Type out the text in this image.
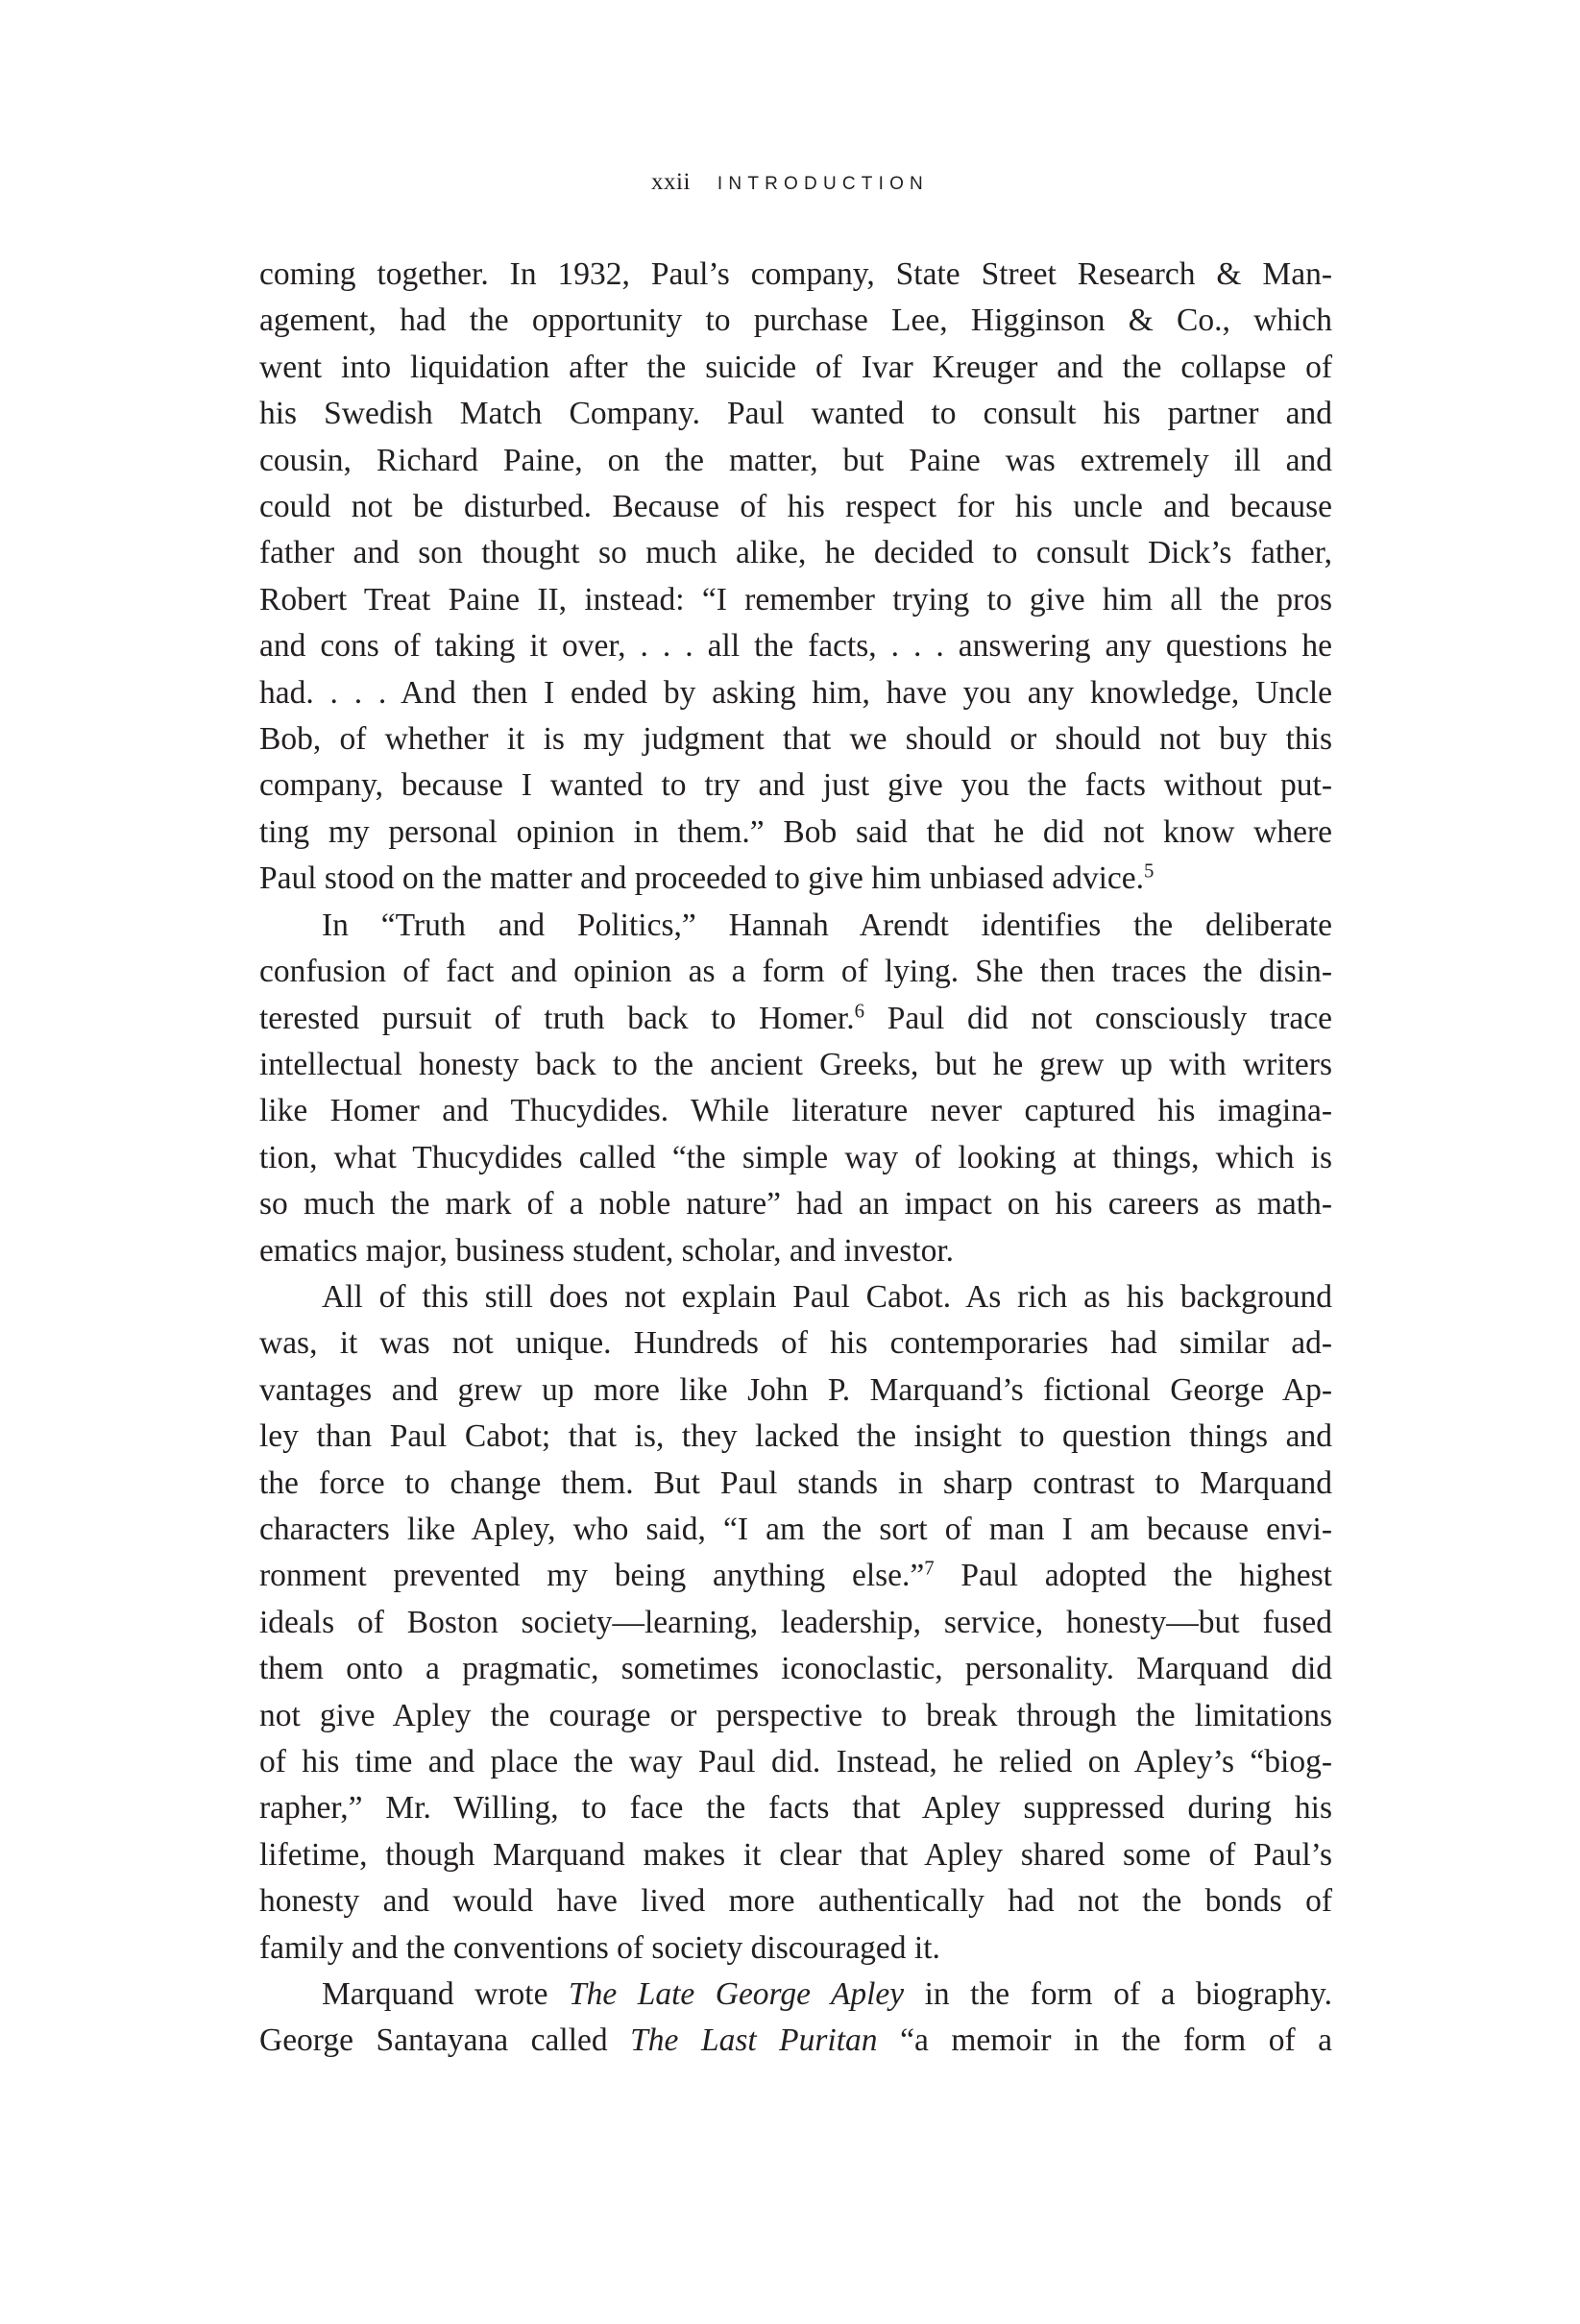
xxii INTRODUCTION

coming together. In 1932, Paul’s company, State Street Research & Man-
agement, had the opportunity to purchase Lee, Higginson & Co., which
went into liquidation after the suicide of Ivar Kreuger and the collapse of
his Swedish Match Company. Paul wanted to consult his partner and
cousin, Richard Paine, on the matter, but Paine was extremely ill and
could not be disturbed. Because of his respect for his uncle and because
father and son thought so much alike, he decided to consult Dick’s father,
Robert Treat Paine II, instead: “I remember trying to give him all the pros
and cons of taking it over, . . . all the facts, . . . answering any questions he
had. . . . And then I ended by asking him, have you any knowledge, Uncle
Bob, of whether it is my judgment that we should or should not buy this
company, because I wanted to try and just give you the facts without put-
ting my personal opinion in them.” Bob said that he did not know where
Paul stood on the matter and proceeded to give him unbiased advice.$^5$

In “Truth and Politics,” Hannah Arendt identifies the deliberate
confusion of fact and opinion as a form of lying. She then traces the disin-
terested pursuit of truth back to Homer.$^6$ Paul did not consciously trace
intellectual honesty back to the ancient Greeks, but he grew up with writers
like Homer and Thucydides. While literature never captured his imagina-
tion, what Thucydides called “the simple way of looking at things, which is
so much the mark of a noble nature” had an impact on his careers as math-
ematics major, business student, scholar, and investor.

All of this still does not explain Paul Cabot. As rich as his background
was, it was not unique. Hundreds of his contemporaries had similar ad-
vantages and grew up more like John P. Marquand’s fictional George Ap-
ley than Paul Cabot; that is, they lacked the insight to question things and
the force to change them. But Paul stands in sharp contrast to Marquand
characters like Apley, who said, “I am the sort of man I am because envi-
ronment prevented my being anything else.”$^7$ Paul adopted the highest
ideals of Boston society—learning, leadership, service, honesty—but fused
them onto a pragmatic, sometimes iconoclastic, personality. Marquand did
not give Apley the courage or perspective to break through the limitations
of his time and place the way Paul did. Instead, he relied on Apley’s “biog-
rapher,” Mr. Willing, to face the facts that Apley suppressed during his
lifetime, though Marquand makes it clear that Apley shared some of Paul’s
honesty and would have lived more authentically had not the bonds of
family and the conventions of society discouraged it.

Marquand wrote The Late George Apley in the form of a biography.
George Santayana called The Last Puritan “a memoir in the form of a
